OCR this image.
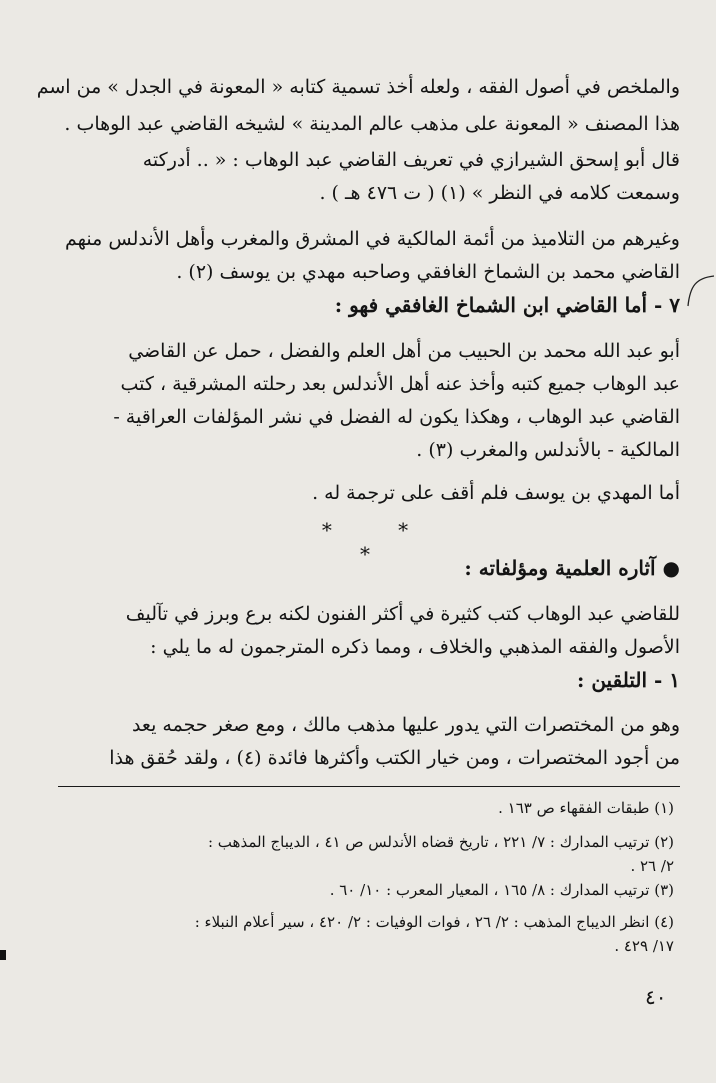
والملخص في أصول الفقه ، ولعله أخذ تسمية كتابه « المعونة في الجدل » من اسم
هذا المصنف « المعونة على مذهب عالم المدينة » لشيخه القاضي عبد الوهاب .
قال أبو إسحق الشيرازي في تعريف القاضي عبد الوهاب : « .. أدركته
وسمعت كلامه في النظر » (١) ( ت ٤٧٦ هـ ) .
وغيرهم من التلاميذ من أئمة المالكية في المشرق والمغرب وأهل الأندلس منهم
القاضي محمد بن الشماخ الغافقي وصاحبه مهدي بن يوسف (٢) .
٧ - أما القاضي ابن الشماخ الغافقي فهو :
أبو عبد الله محمد بن الحبيب من أهل العلم والفضل ، حمل عن القاضي
عبد الوهاب جميع كتبه وأخذ عنه أهل الأندلس بعد رحلته المشرقية ، كتب
القاضي عبد الوهاب ، وهكذا يكون له الفضل في نشر المؤلفات العراقية -
المالكية - بالأندلس والمغرب (٣) .
أما المهدي بن يوسف فلم أقف على ترجمة له .
* * *
● آثاره العلمية ومؤلفاته :
للقاضي عبد الوهاب كتب كثيرة في أكثر الفنون لكنه برع وبرز في تآليف
الأصول والفقه المذهبي والخلاف ، ومما ذكره المترجمون له ما يلي :
١ - التلقين :
وهو من المختصرات التي يدور عليها مذهب مالك ، ومع صغر حجمه يعد
من أجود المختصرات ، ومن خيار الكتب وأكثرها فائدة (٤) ، ولقد حُقق هذا
(١) طبقات الفقهاء ص ١٦٣ .
(٢) ترتيب المدارك : ٧/ ٢٢١ ، تاريخ قضاه الأندلس ص ٤١ ، الديباج المذهب :
٢/ ٢٦ .
(٣) ترتيب المدارك : ٨/ ١٦٥ ، المعيار المعرب : ١٠/ ٦٠ .
(٤) انظر الديباج المذهب : ٢/ ٢٦ ، فوات الوفيات : ٢/ ٤٢٠ ، سير أعلام النبلاء :
١٧/ ٤٢٩ .
٤٠
